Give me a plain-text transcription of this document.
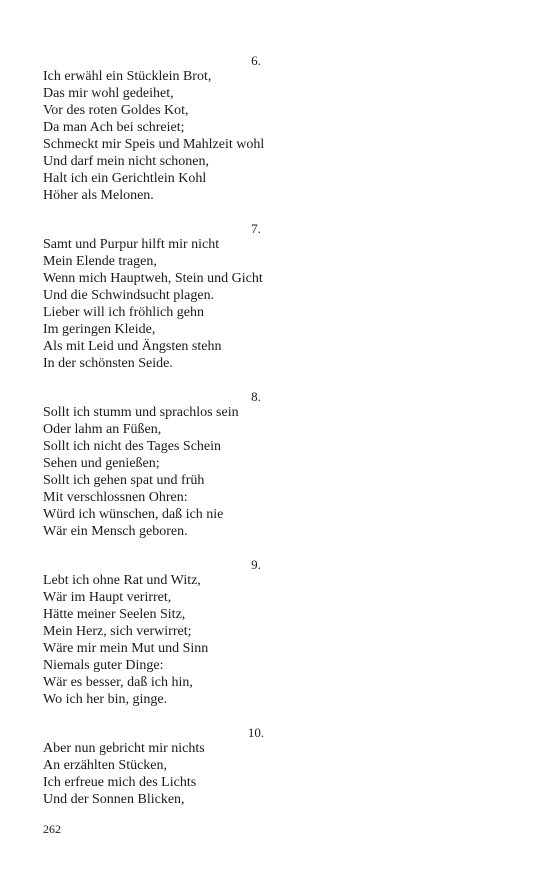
6.
Ich erwähl ein Stücklein Brot,
Das mir wohl gedeihet,
Vor des roten Goldes Kot,
Da man Ach bei schreiet;
Schmeckt mir Speis und Mahlzeit wohl
Und darf mein nicht schonen,
Halt ich ein Gerichtlein Kohl
Höher als Melonen.
7.
Samt und Purpur hilft mir nicht
Mein Elende tragen,
Wenn mich Hauptweh, Stein und Gicht
Und die Schwindsucht plagen.
Lieber will ich fröhlich gehn
Im geringen Kleide,
Als mit Leid und Ängsten stehn
In der schönsten Seide.
8.
Sollt ich stumm und sprachlos sein
Oder lahm an Füßen,
Sollt ich nicht des Tages Schein
Sehen und genießen;
Sollt ich gehen spat und früh
Mit verschlossnen Ohren:
Würd ich wünschen, daß ich nie
Wär ein Mensch geboren.
9.
Lebt ich ohne Rat und Witz,
Wär im Haupt verirret,
Hätte meiner Seelen Sitz,
Mein Herz, sich verwirret;
Wäre mir mein Mut und Sinn
Niemals guter Dinge:
Wär es besser, daß ich hin,
Wo ich her bin, ginge.
10.
Aber nun gebricht mir nichts
An erzählten Stücken,
Ich erfreue mich des Lichts
Und der Sonnen Blicken,
262
